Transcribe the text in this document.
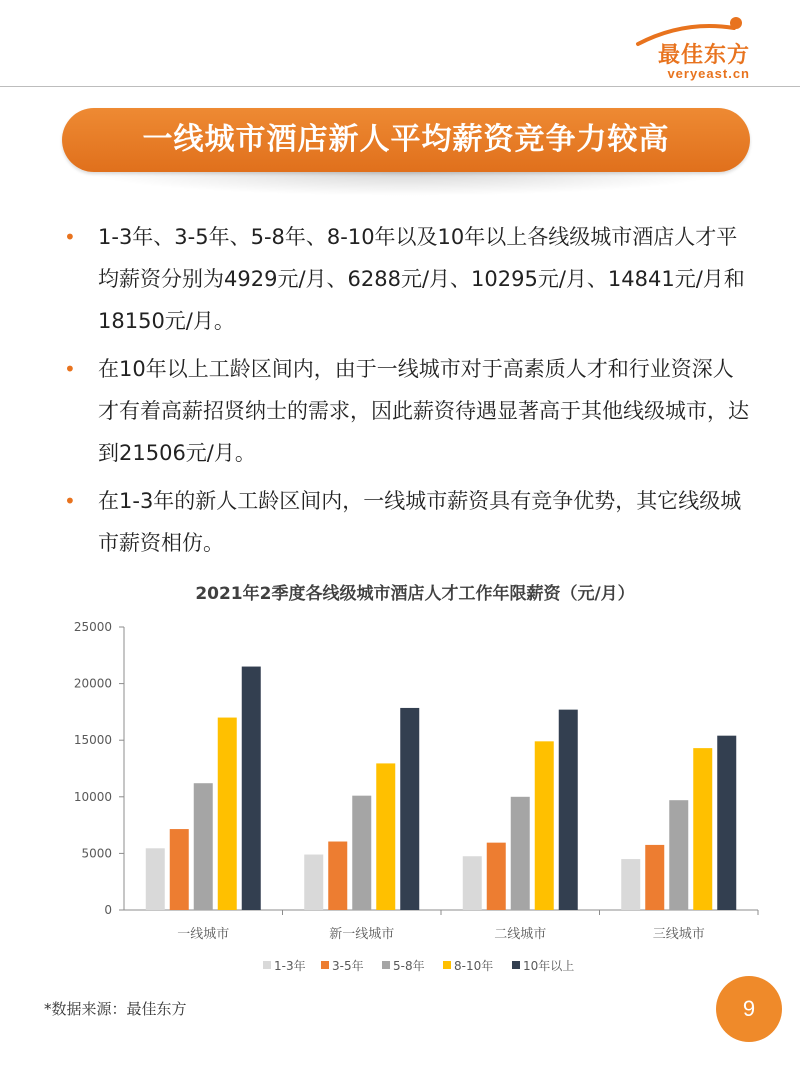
最佳东方
veryeast.cn
一线城市酒店新人平均薪资竞争力较高
• 1-3年、3-5年、5-8年、8-10年以及10年以上各线级城市酒店人才平均薪资分别为4929元/月、6288元/月、10295元/月、14841元/月和18150元/月。
• 在10年以上工龄区间内，由于一线城市对于高素质人才和行业资深人才有着高薪招贤纳士的需求，因此薪资待遇显著高于其他线级城市，达到21506元/月。
• 在1-3年的新人工龄区间内，一线城市薪资具有竞争优势，其它线级城市薪资相仿。
2021年2季度各线级城市酒店人才工作年限薪资（元/月）
0
5000
10000
15000
20000
25000
一线城市	新一线城市	二线城市	三线城市
1-3年 3-5年 5-8年 8-10年 10年以上
*数据来源：最佳东方	9
